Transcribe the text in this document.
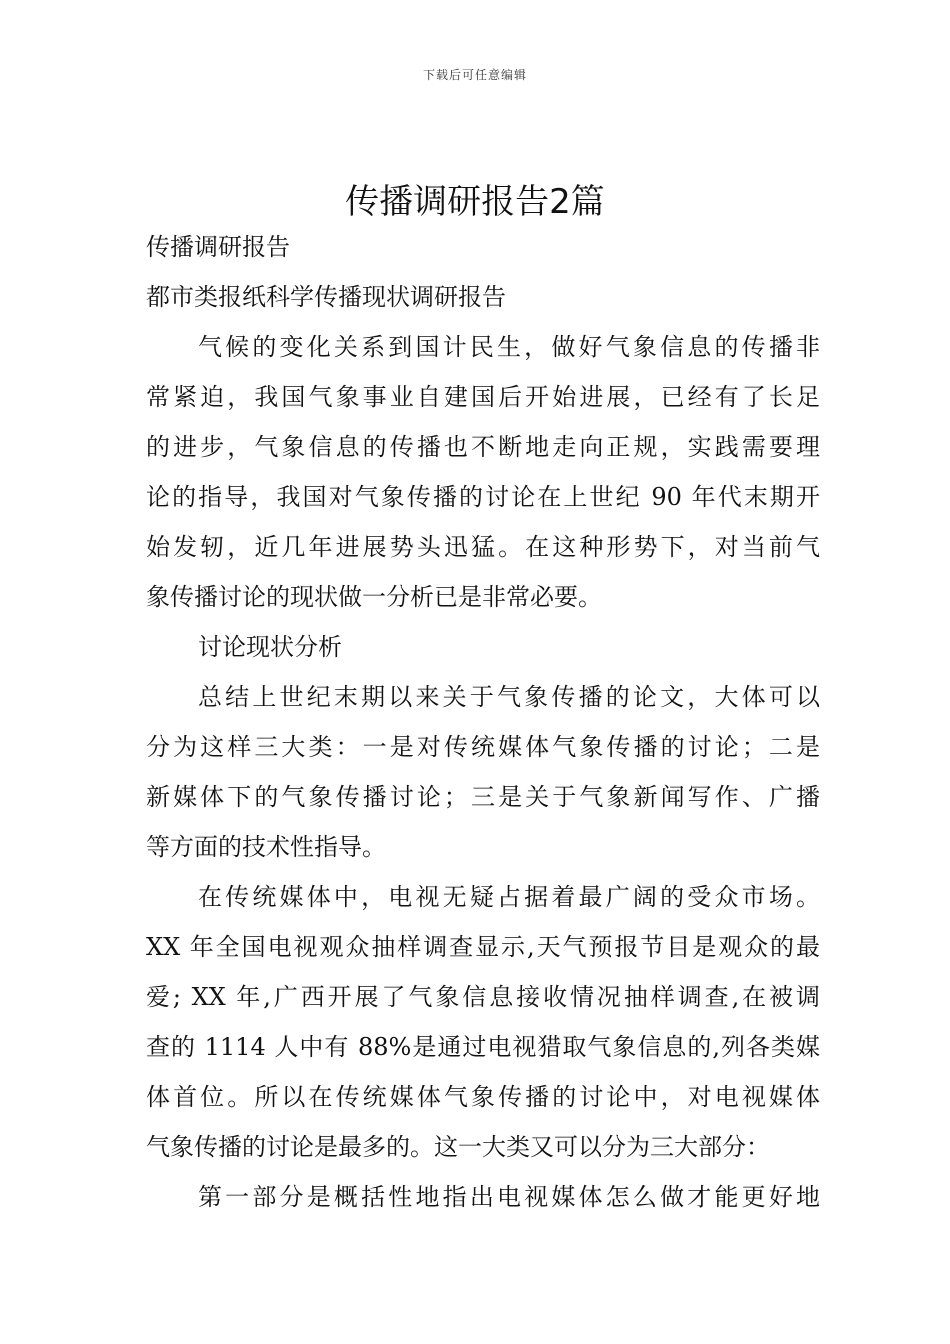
下载后可任意编辑
传播调研报告2篇
传播调研报告
都市类报纸科学传播现状调研报告
气候的变化关系到国计民生，做好气象信息的传播非
常紧迫，我国气象事业自建国后开始进展，已经有了长足
的进步，气象信息的传播也不断地走向正规，实践需要理
论的指导，我国对气象传播的讨论在上世纪 90 年代末期开
始发轫，近几年进展势头迅猛。在这种形势下，对当前气
象传播讨论的现状做一分析已是非常必要。
讨论现状分析
总结上世纪末期以来关于气象传播的论文，大体可以
分为这样三大类：一是对传统媒体气象传播的讨论；二是
新媒体下的气象传播讨论；三是关于气象新闻写作、广播
等方面的技术性指导。
在传统媒体中，电视无疑占据着最广阔的受众市场。
XX 年全国电视观众抽样调查显示,天气预报节目是观众的最
爱; XX 年,广西开展了气象信息接收情况抽样调查,在被调
查的 1114 人中有 88%是通过电视猎取气象信息的,列各类媒
体首位。所以在传统媒体气象传播的讨论中，对电视媒体
气象传播的讨论是最多的。这一大类又可以分为三大部分：
第一部分是概括性地指出电视媒体怎么做才能更好地
